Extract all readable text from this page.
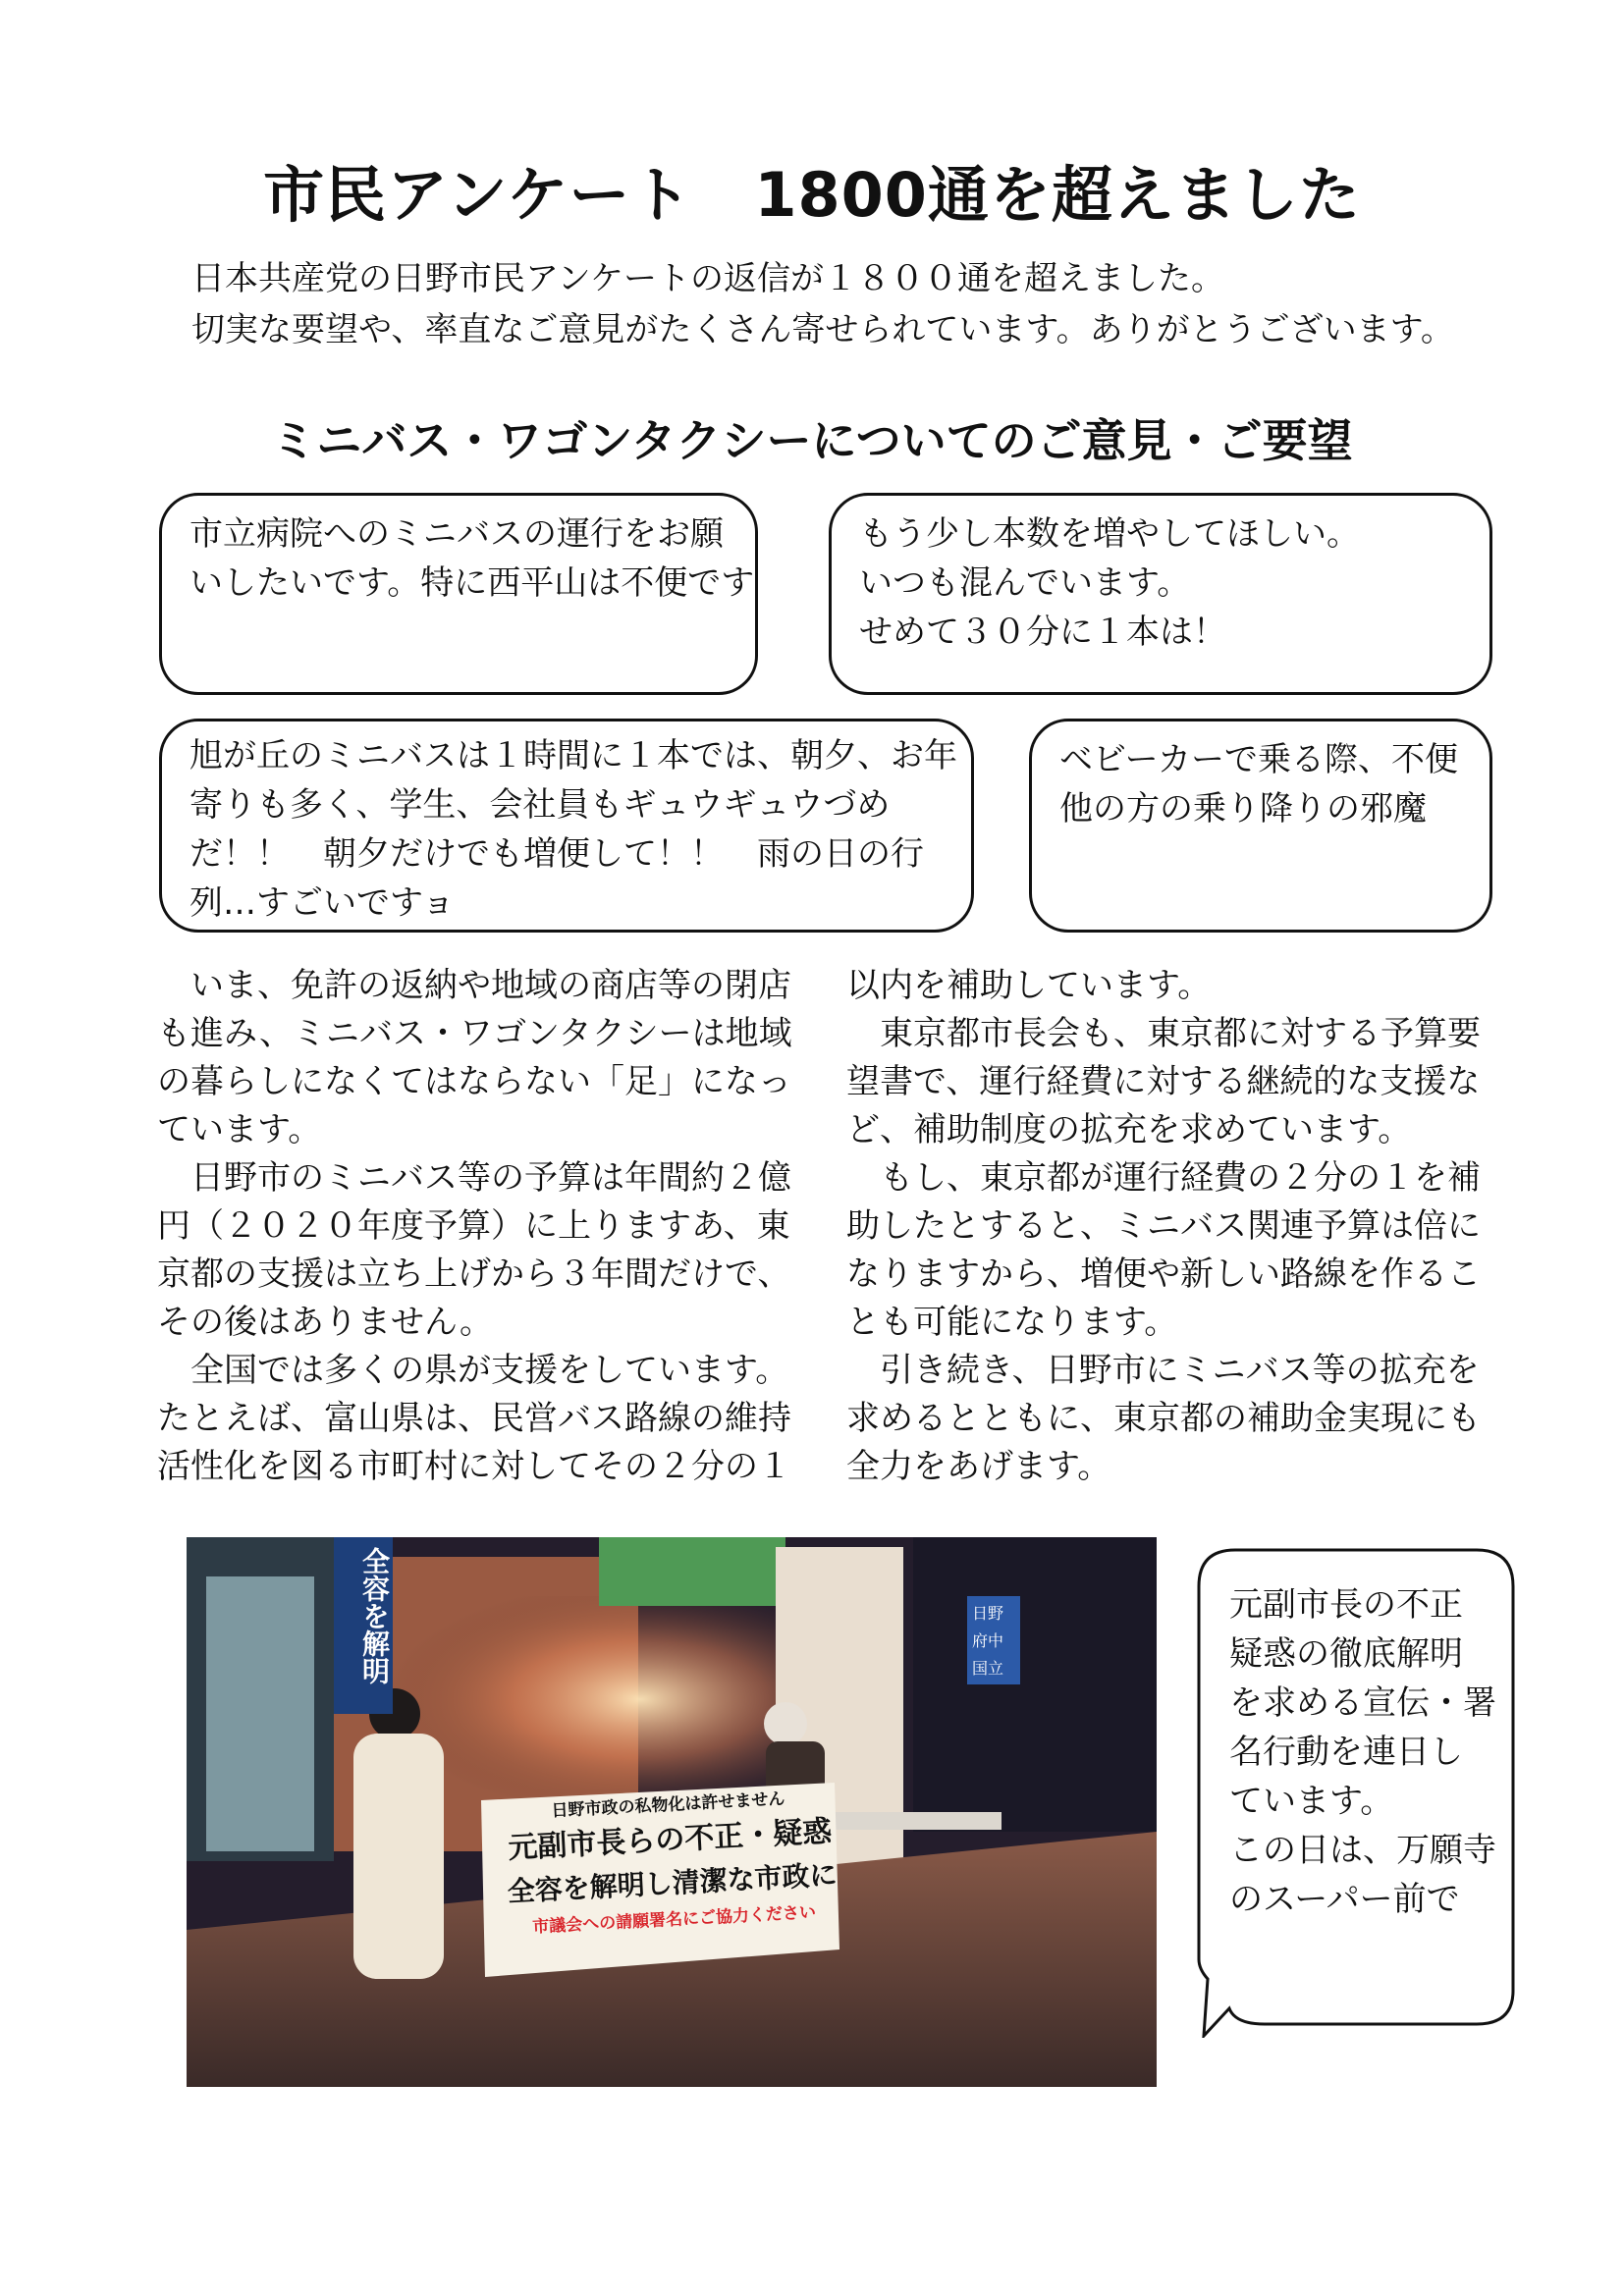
市民アンケート　1800通を超えました
日本共産党の日野市民アンケートの返信が１８００通を超えました。
切実な要望や、率直なご意見がたくさん寄せられています。ありがとうございます。
ミニバス・ワゴンタクシーについてのご意見・ご要望
市立病院へのミニバスの運行をお願
いしたいです。特に西平山は不便です
もう少し本数を増やしてほしい。
いつも混んでいます。
せめて３０分に１本は！
旭が丘のミニバスは１時間に１本では、朝夕、お年
寄りも多く、学生、会社員もギュウギュウづめ
だ！！　朝夕だけでも増便して！！　雨の日の行
列…すごいですョ
ベビーカーで乗る際、不便
他の方の乗り降りの邪魔
　いま、免許の返納や地域の商店等の閉店
も進み、ミニバス・ワゴンタクシーは地域
の暮らしになくてはならない「足」になっ
ています。
　日野市のミニバス等の予算は年間約２億
円（２０２０年度予算）に上りますあ、東
京都の支援は立ち上げから３年間だけで、
その後はありません。
　全国では多くの県が支援をしています。
たとえば、富山県は、民営バス路線の維持
活性化を図る市町村に対してその２分の１
以内を補助しています。
　東京都市長会も、東京都に対する予算要
望書で、運行経費に対する継続的な支援な
ど、補助制度の拡充を求めています。
　もし、東京都が運行経費の２分の１を補
助したとすると、ミニバス関連予算は倍に
なりますから、増便や新しい路線を作るこ
とも可能になります。
　引き続き、日野市にミニバス等の拡充を
求めるとともに、東京都の補助金実現にも
全力をあげます。
全容を解明	日野
府中
国立
日野市政の私物化は許せません
元副市長らの不正・疑惑
全容を解明し清潔な市政に
市議会への請願署名にご協力ください
元副市長の不正
疑惑の徹底解明
を求める宣伝・署
名行動を連日し
ています。
この日は、万願寺
のスーパー前で
